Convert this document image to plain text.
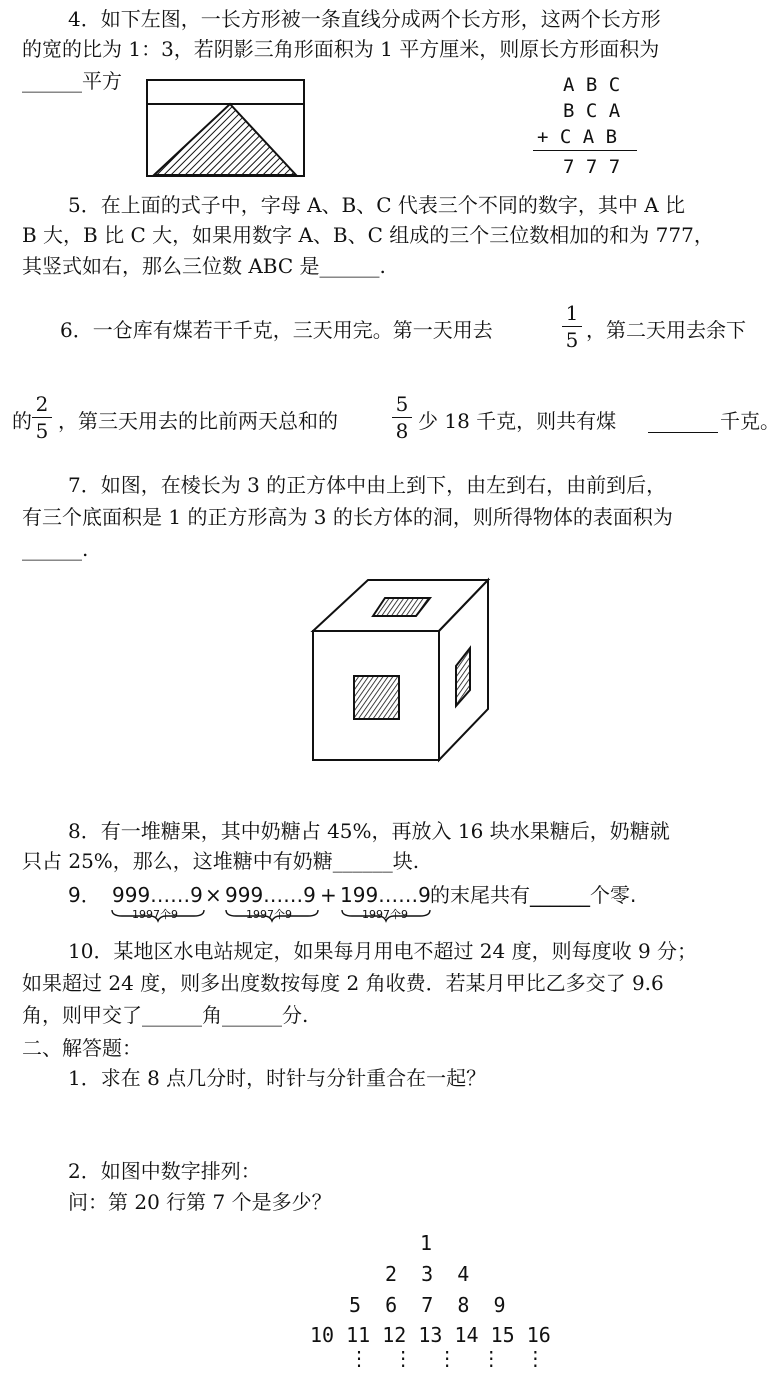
4．如下左图，一长方形被一条直线分成两个长方形，这两个长方形
的宽的比为 1：3，若阴影三角形面积为 1 平方厘米，则原长方形面积为
______平方	A B C
B C A
+ C A B
7 7 7
5．在上面的式子中，字母 A、B、C 代表三个不同的数字，其中 A 比
B 大，B 比 C 大，如果用数字 A、B、C 组成的三个三位数相加的和为 777，
其竖式如右，那么三位数 ABC 是______.
6．一仓库有煤若干千克，三天用完。第一天用去
1
5 ，第二天用去余下
的
2
5 ，第三天用去的比前两天总和的
5
8 少 18 千克，则共有煤	千克。
7．如图，在棱长为 3 的正方体中由上到下，由左到右，由前到后，
有三个底面积是 1 的正方形高为 3 的长方体的洞，则所得物体的表面积为
______.
8．有一堆糖果，其中奶糖占 45%，再放入 16 块水果糖后，奶糖就
只占 25%，那么，这堆糖中有奶糖______块.
9． 999……9 × 999……9 + 199……9 的末尾共有______个零.
1997个9	1997个9	1997个9
10．某地区水电站规定，如果每月用电不超过 24 度，则每度收 9 分；
如果超过 24 度，则多出度数按每度 2 角收费．若某月甲比乙多交了 9.6
角，则甲交了______角______分.
二、解答题：
1．求在 8 点几分时，时针与分针重合在一起？
2．如图中数字排列：
问：第 20 行第 7 个是多少？
1
2  3  4
5  6  7  8  9
10 11 12 13 14 15 16
⋮  ⋮  ⋮  ⋮  ⋮
